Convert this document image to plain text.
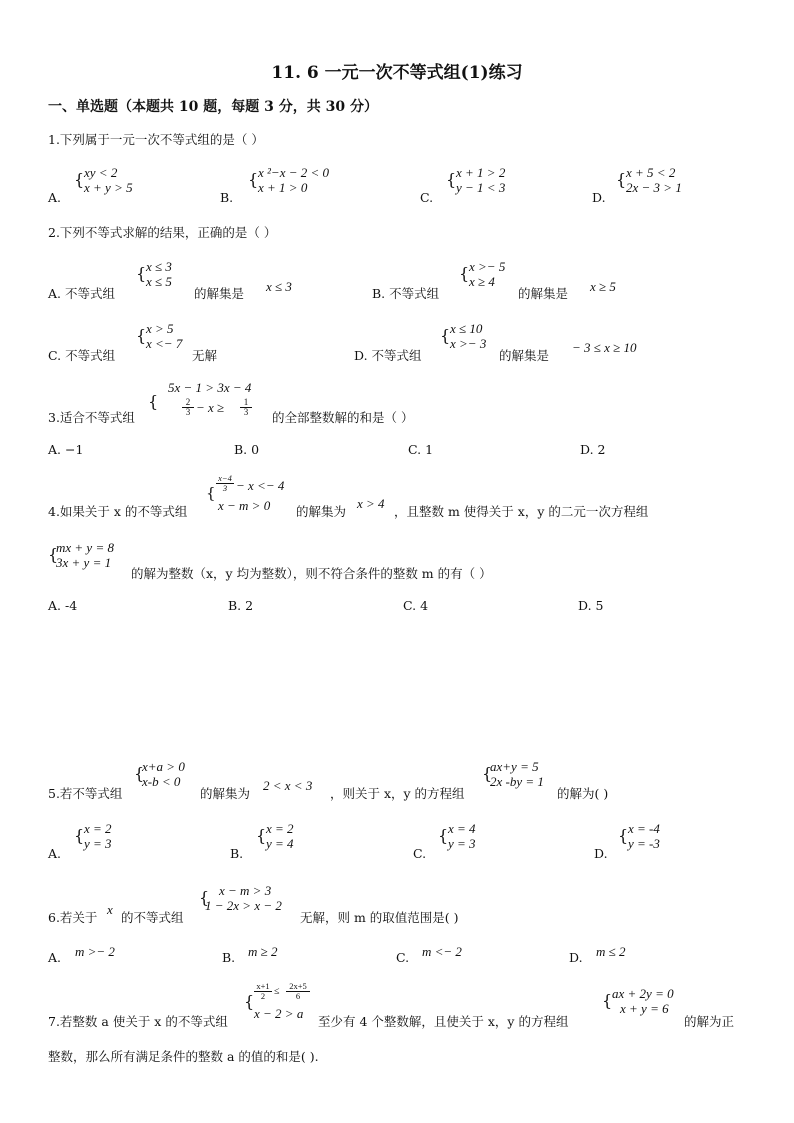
11. 6 一元一次不等式组(1)练习
一、单选题（本题共 10 题，每题 3 分，共 30 分）
1.下列属于一元一次不等式组的是（ ）
A.
{ xy < 2
x + y > 5
B.
{ x ²−x − 2 < 0
x + 1 > 0
C.
{ x + 1 > 2
y − 1 < 3
D.
{ x + 5 < 2
2x − 3 > 1
2.下列不等式求解的结果，正确的是（ ）
A. 不等式组
{ x ≤ 3
x ≤ 5
的解集是 x ≤ 3	B. 不等式组
{ x >− 5
x ≥ 4
的解集是 x ≥ 5
C. 不等式组
{ x > 5
x <− 7
无解	D. 不等式组
{ x ≤ 10
x >− 3
的解集是
− 3 ≤ x ≥ 10
3.适合不等式组
{
5x − 1 > 3x − 4
2
3 − x ≥	1
3	的全部整数解的和是（ ）
A. −1	B. 0	C. 1	D. 2
4.如果关于 x 的不等式组
{
x−4
3 − x <− 4
x − m > 0 的解集为
x > 4
，且整数 m 使得关于 x，y 的二元一次方程组
{
mx + y = 8
3x + y = 1
的解为整数（x，y 均为整数），则不符合条件的整数 m 的有（ ）
A. -4	B. 2	C. 4	D. 5
5.若不等式组
{
x+a > 0
x-b < 0
的解集为
2 < x < 3
，则关于 x，y 的方程组
{
ax+y = 5
2x -by = 1
的解为( )
A.
{ x = 2
y = 3
B.
{ x = 2
y = 4
C.
{ x = 4
y = 3
D.
{ x = -4
y = -3
6.若关于
x
的不等式组
{ x − m > 3
1 − 2x > x − 2
无解，则 m 的取值范围是( )
A. m >− 2	B. m ≥ 2	C. m <− 2	D. m ≤ 2
7.若整数 a 使关于 x 的不等式组
{
x+1
2 ≤	2x+5
6
x − 2 > a
至少有 4 个整数解，且使关于 x，y 的方程组
{ ax + 2y = 0
x + y = 6
的解为正
整数，那么所有满足条件的整数 a 的值的和是( ).
